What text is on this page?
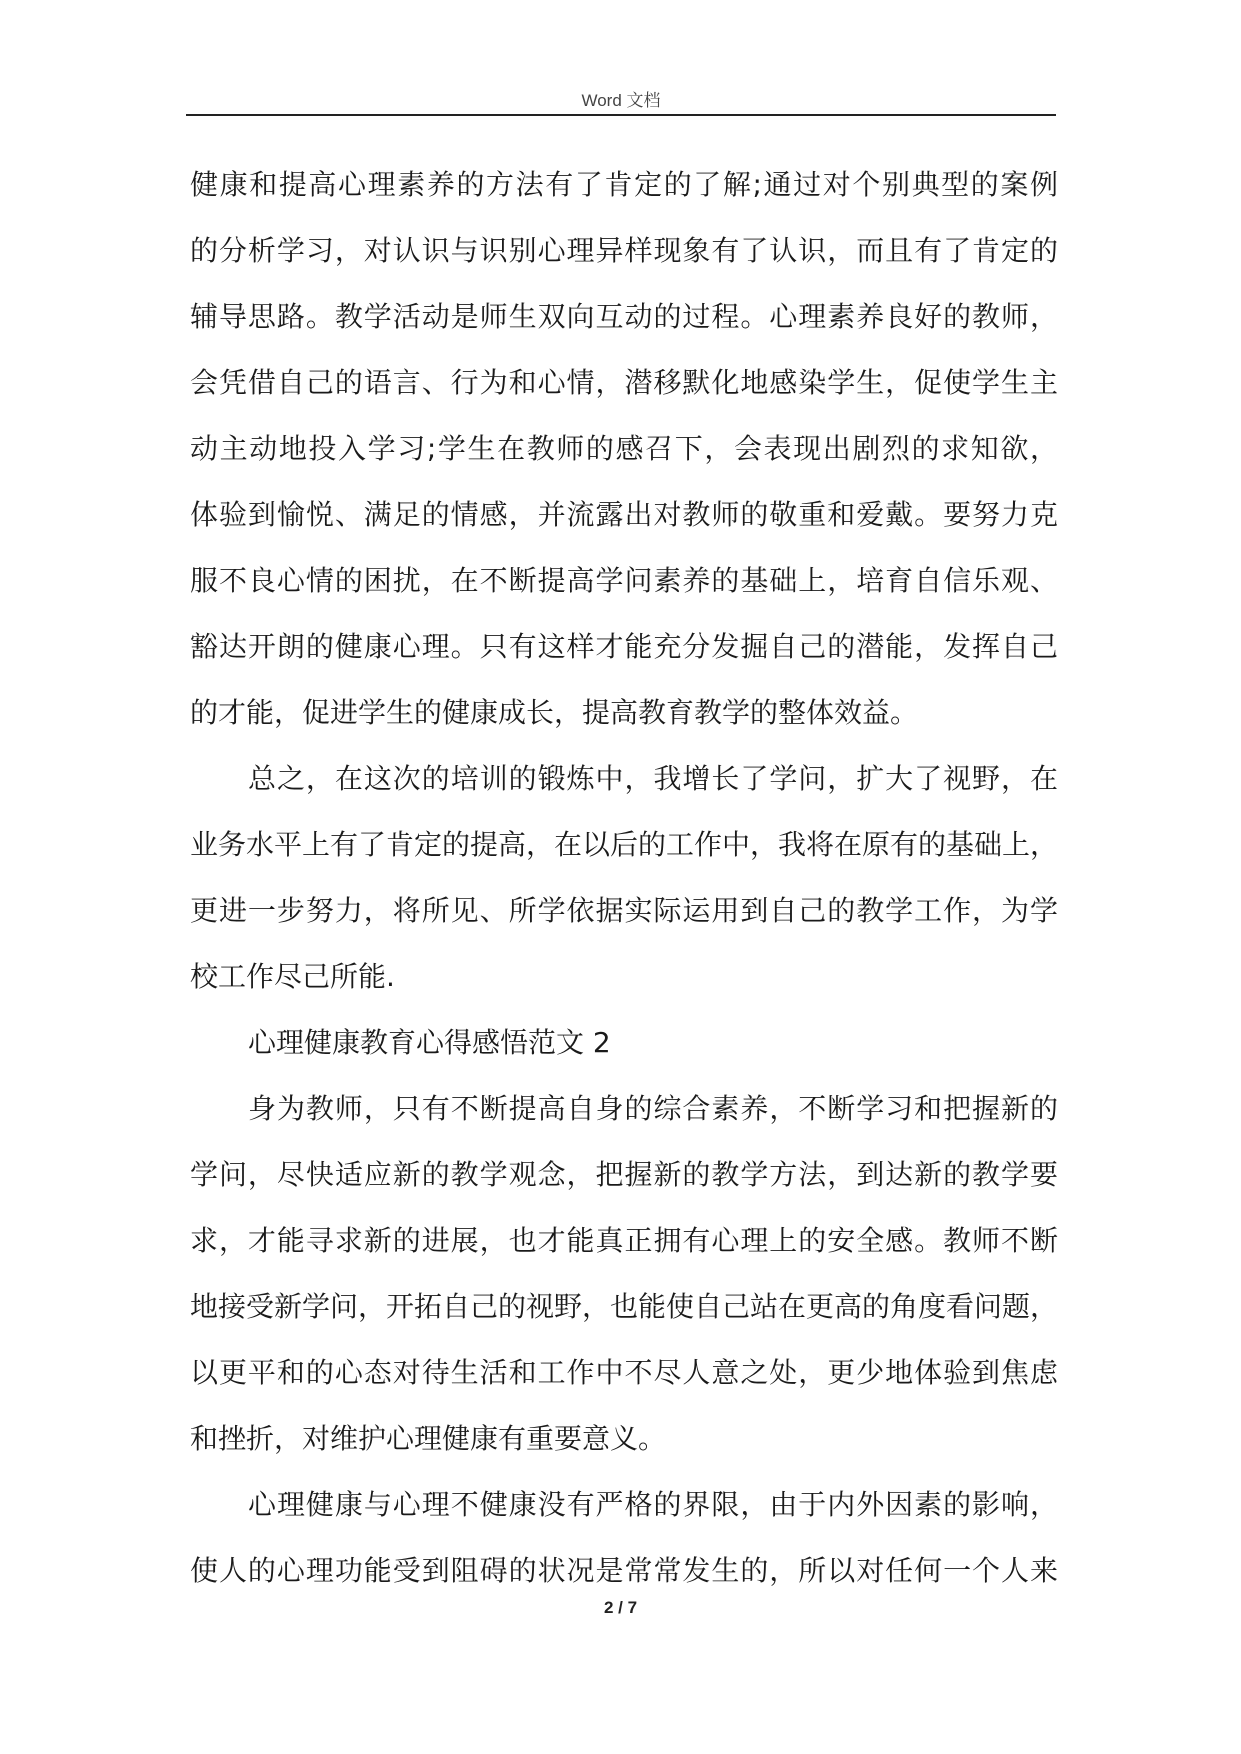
Word 文档
健康和提高心理素养的方法有了肯定的了解;通过对个别典型的案例
的分析学习，对认识与识别心理异样现象有了认识，而且有了肯定的
辅导思路。教学活动是师生双向互动的过程。心理素养良好的教师，
会凭借自己的语言、行为和心情，潜移默化地感染学生，促使学生主
动主动地投入学习;学生在教师的感召下，会表现出剧烈的求知欲，
体验到愉悦、满足的情感，并流露出对教师的敬重和爱戴。要努力克
服不良心情的困扰，在不断提高学问素养的基础上，培育自信乐观、
豁达开朗的健康心理。只有这样才能充分发掘自己的潜能，发挥自己
的才能，促进学生的健康成长，提高教育教学的整体效益。
总之，在这次的培训的锻炼中，我增长了学问，扩大了视野，在
业务水平上有了肯定的提高，在以后的工作中，我将在原有的基础上，
更进一步努力，将所见、所学依据实际运用到自己的教学工作，为学
校工作尽己所能.
心理健康教育心得感悟范文 2
身为教师，只有不断提高自身的综合素养，不断学习和把握新的
学问，尽快适应新的教学观念，把握新的教学方法，到达新的教学要
求，才能寻求新的进展，也才能真正拥有心理上的安全感。教师不断
地接受新学问，开拓自己的视野，也能使自己站在更高的角度看问题，
以更平和的心态对待生活和工作中不尽人意之处，更少地体验到焦虑
和挫折，对维护心理健康有重要意义。
心理健康与心理不健康没有严格的界限，由于内外因素的影响，
使人的心理功能受到阻碍的状况是常常发生的，所以对任何一个人来
2 / 7
